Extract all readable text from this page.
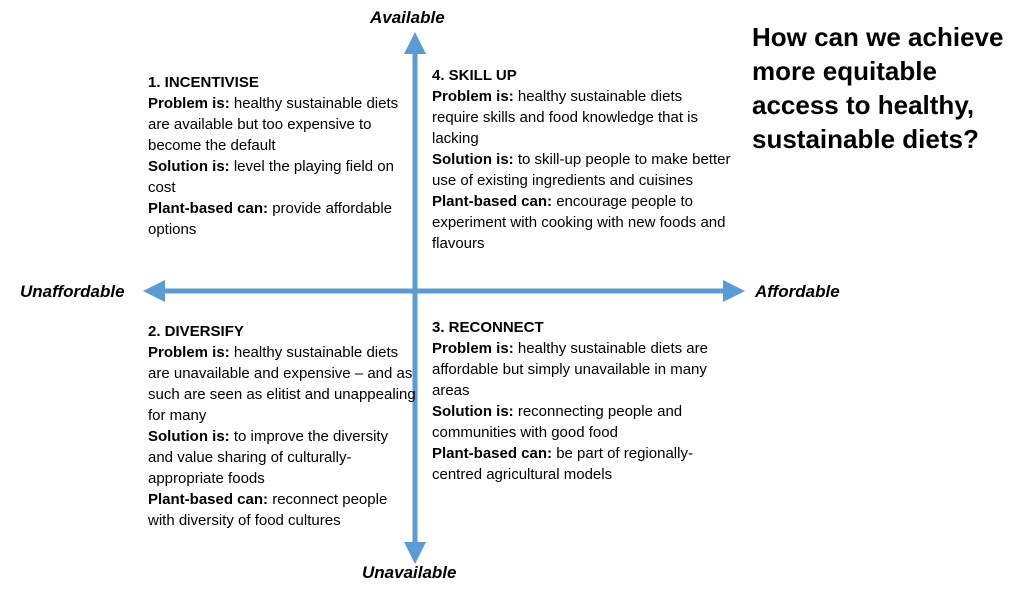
Available
Unavailable
Unaffordable	Affordable
How can we achieve more equitable access to healthy, sustainable diets?
1. INCENTIVISE
Problem is: healthy sustainable diets are available but too expensive to become the default
Solution is: level the playing field on cost
Plant-based can: provide affordable options
4. SKILL UP
Problem is: healthy sustainable diets require skills and food knowledge that is lacking
Solution is: to skill-up people to make better use of existing ingredients and cuisines
Plant-based can: encourage people to experiment with cooking with new foods and flavours
2. DIVERSIFY
Problem is: healthy sustainable diets are unavailable and expensive – and as such are seen as elitist and unappealing for many
Solution is: to improve the diversity and value sharing of culturally-appropriate foods
Plant-based can: reconnect people with diversity of food cultures
3. RECONNECT
Problem is: healthy sustainable diets are affordable but simply unavailable in many areas
Solution is: reconnecting people and communities with good food
Plant-based can: be part of regionally-centred agricultural models
